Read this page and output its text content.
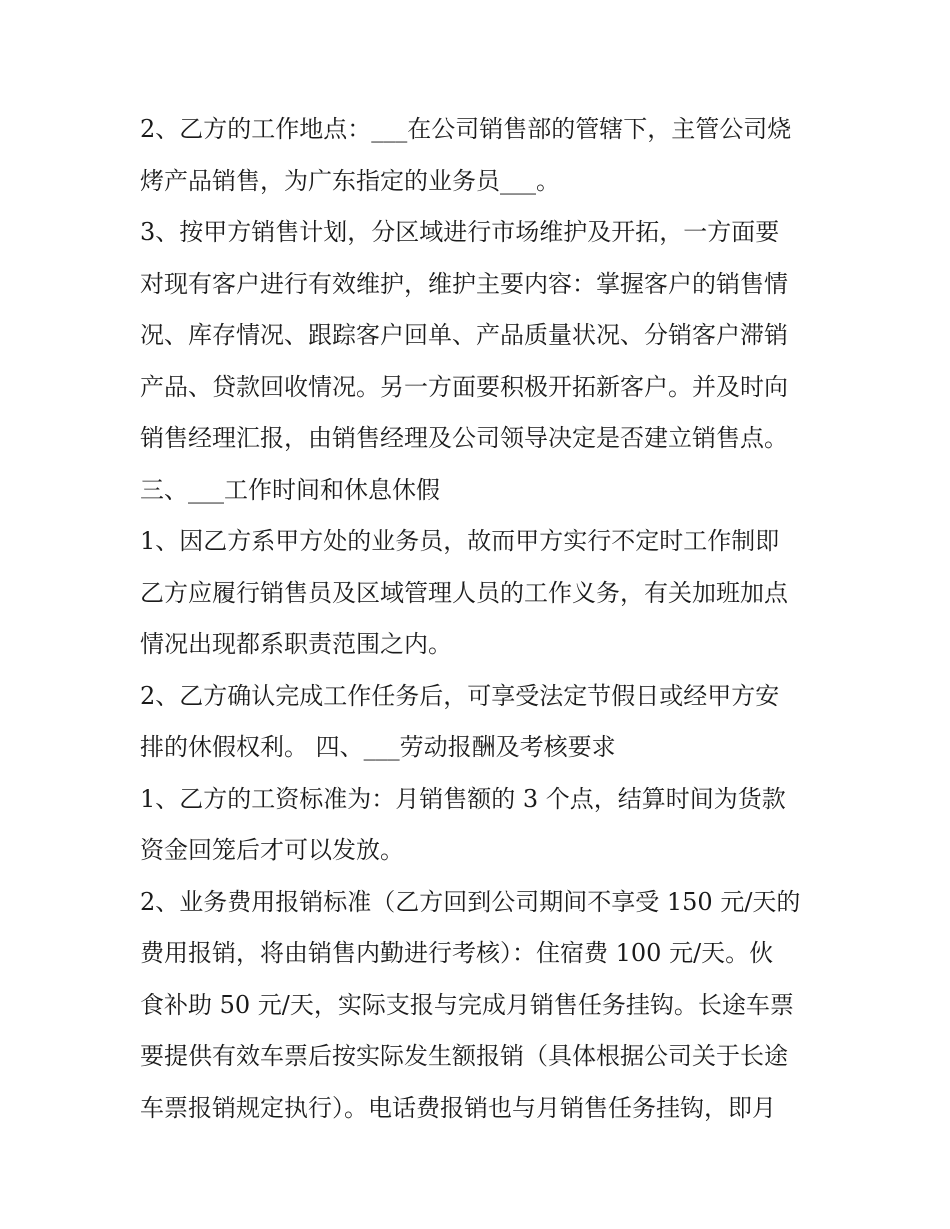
2、乙方的工作地点：___在公司销售部的管辖下，主管公司烧
烤产品销售，为广东指定的业务员___。
3、按甲方销售计划，分区域进行市场维护及开拓，一方面要
对现有客户进行有效维护，维护主要内容：掌握客户的销售情
况、库存情况、跟踪客户回单、产品质量状况、分销客户滞销
产品、贷款回收情况。另一方面要积极开拓新客户。并及时向
销售经理汇报，由销售经理及公司领导决定是否建立销售点。
三、___工作时间和休息休假
1、因乙方系甲方处的业务员，故而甲方实行不定时工作制即
乙方应履行销售员及区域管理人员的工作义务，有关加班加点
情况出现都系职责范围之内。
2、乙方确认完成工作任务后，可享受法定节假日或经甲方安
排的休假权利。 四、___劳动报酬及考核要求
1、乙方的工资标准为：月销售额的 3 个点，结算时间为货款
资金回笼后才可以发放。
2、业务费用报销标准（乙方回到公司期间不享受 150 元/天的
费用报销，将由销售内勤进行考核）：住宿费 100 元/天。伙
食补助 50 元/天，实际支报与完成月销售任务挂钩。长途车票
要提供有效车票后按实际发生额报销（具体根据公司关于长途
车票报销规定执行）。电话费报销也与月销售任务挂钩，即月
